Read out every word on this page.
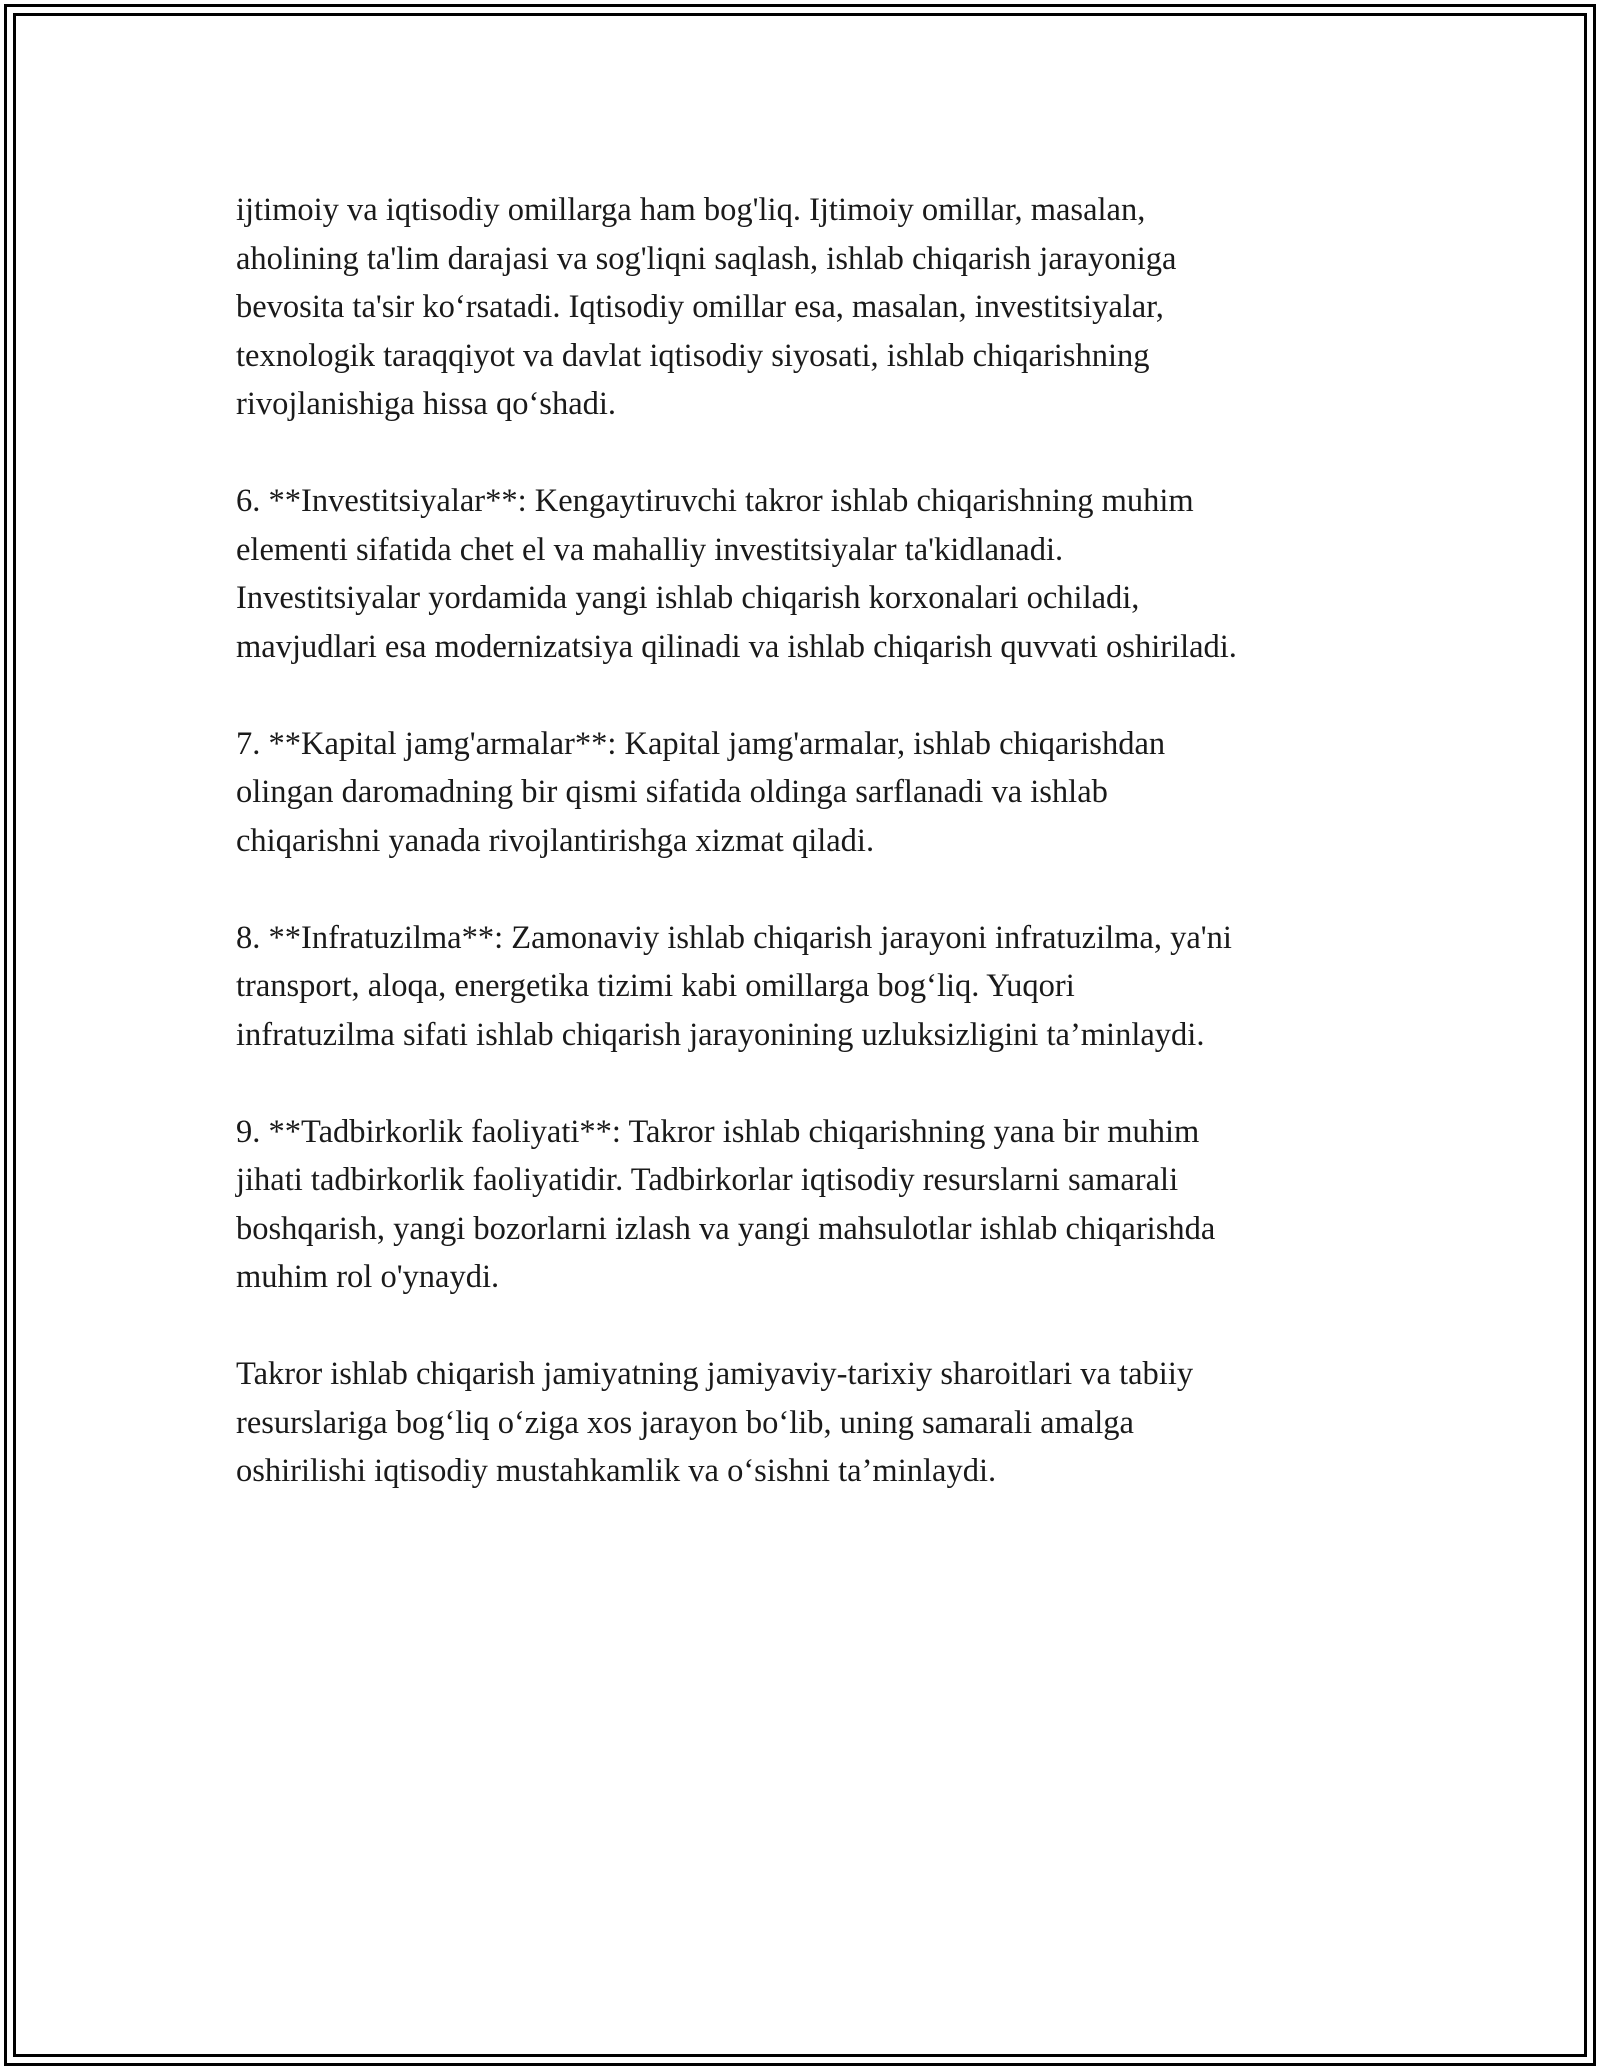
ijtimoiy va iqtisodiy omillarga ham bog'liq. Ijtimoiy omillar, masalan,
aholining ta'lim darajasi va sog'liqni saqlash, ishlab chiqarish jarayoniga
bevosita ta'sir ko‘rsatadi. Iqtisodiy omillar esa, masalan, investitsiyalar,
texnologik taraqqiyot va davlat iqtisodiy siyosati, ishlab chiqarishning
rivojlanishiga hissa qo‘shadi.

6. **Investitsiyalar**: Kengaytiruvchi takror ishlab chiqarishning muhim
elementi sifatida chet el va mahalliy investitsiyalar ta'kidlanadi.
Investitsiyalar yordamida yangi ishlab chiqarish korxonalari ochiladi,
mavjudlari esa modernizatsiya qilinadi va ishlab chiqarish quvvati oshiriladi.

7. **Kapital jamg'armalar**: Kapital jamg'armalar, ishlab chiqarishdan
olingan daromadning bir qismi sifatida oldinga sarflanadi va ishlab
chiqarishni yanada rivojlantirishga xizmat qiladi.

8. **Infratuzilma**: Zamonaviy ishlab chiqarish jarayoni infratuzilma, ya'ni
transport, aloqa, energetika tizimi kabi omillarga bog‘liq. Yuqori
infratuzilma sifati ishlab chiqarish jarayonining uzluksizligini ta’minlaydi.

9. **Tadbirkorlik faoliyati**: Takror ishlab chiqarishning yana bir muhim
jihati tadbirkorlik faoliyatidir. Tadbirkorlar iqtisodiy resurslarni samarali
boshqarish, yangi bozorlarni izlash va yangi mahsulotlar ishlab chiqarishda
muhim rol o'ynaydi.

Takror ishlab chiqarish jamiyatning jamiyaviy-tarixiy sharoitlari va tabiiy
resurslariga bog‘liq o‘ziga xos jarayon bo‘lib, uning samarali amalga
oshirilishi iqtisodiy mustahkamlik va o‘sishni ta’minlaydi.
